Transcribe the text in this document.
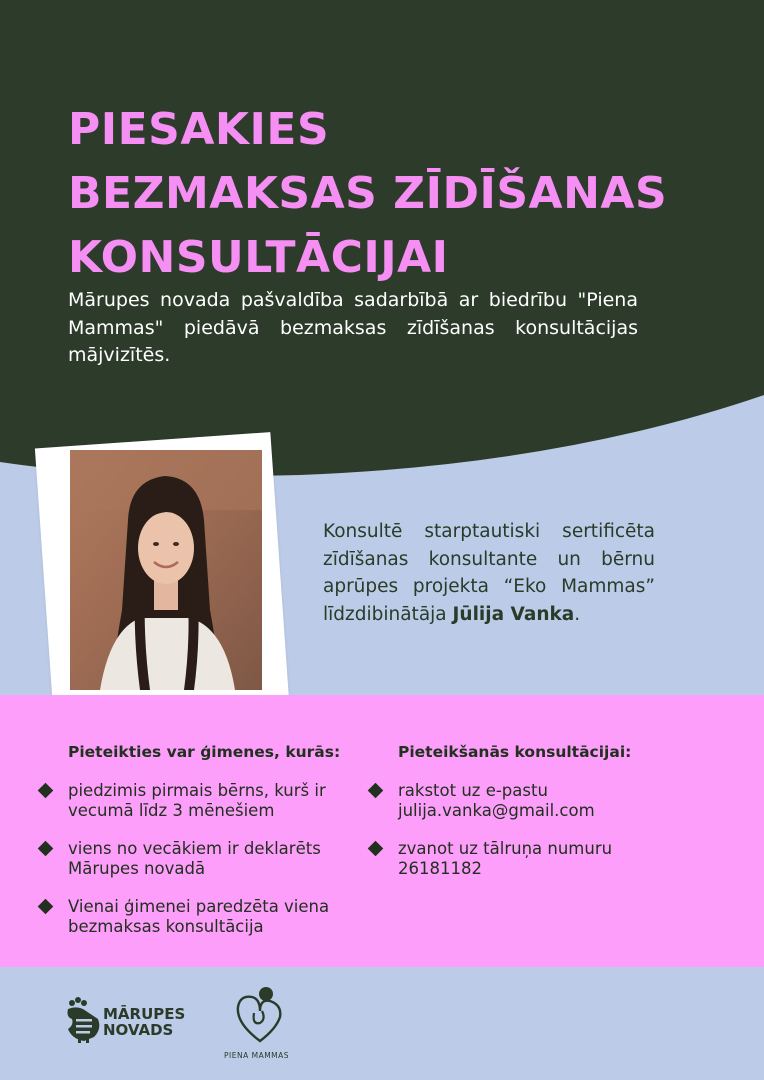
PIESAKIES
BEZMAKSAS ZĪDĪŠANAS
KONSULTĀCIJAI

Mārupes novada pašvaldība sadarbībā ar biedrību "Piena Mammas" piedāvā bezmaksas zīdīšanas konsultācijas mājvizītēs.

Konsultē starptautiski sertificēta zīdīšanas konsultante un bērnu aprūpes projekta “Eko Mammas” līdzdibinātāja Jūlija Vanka.

Pieteikties var ģimenes, kurās:
piedzimis pirmais bērns, kurš ir vecumā līdz 3 mēnešiem
viens no vecākiem ir deklarēts Mārupes novadā
Vienai ģimenei paredzēta viena bezmaksas konsultācija
Pieteikšanās konsultācijai:
rakstot uz e-pastu julija.vanka@gmail.com
zvanot uz tālruņa numuru 26181182
MĀRUPES
NOVADS
PIENA MAMMAS
